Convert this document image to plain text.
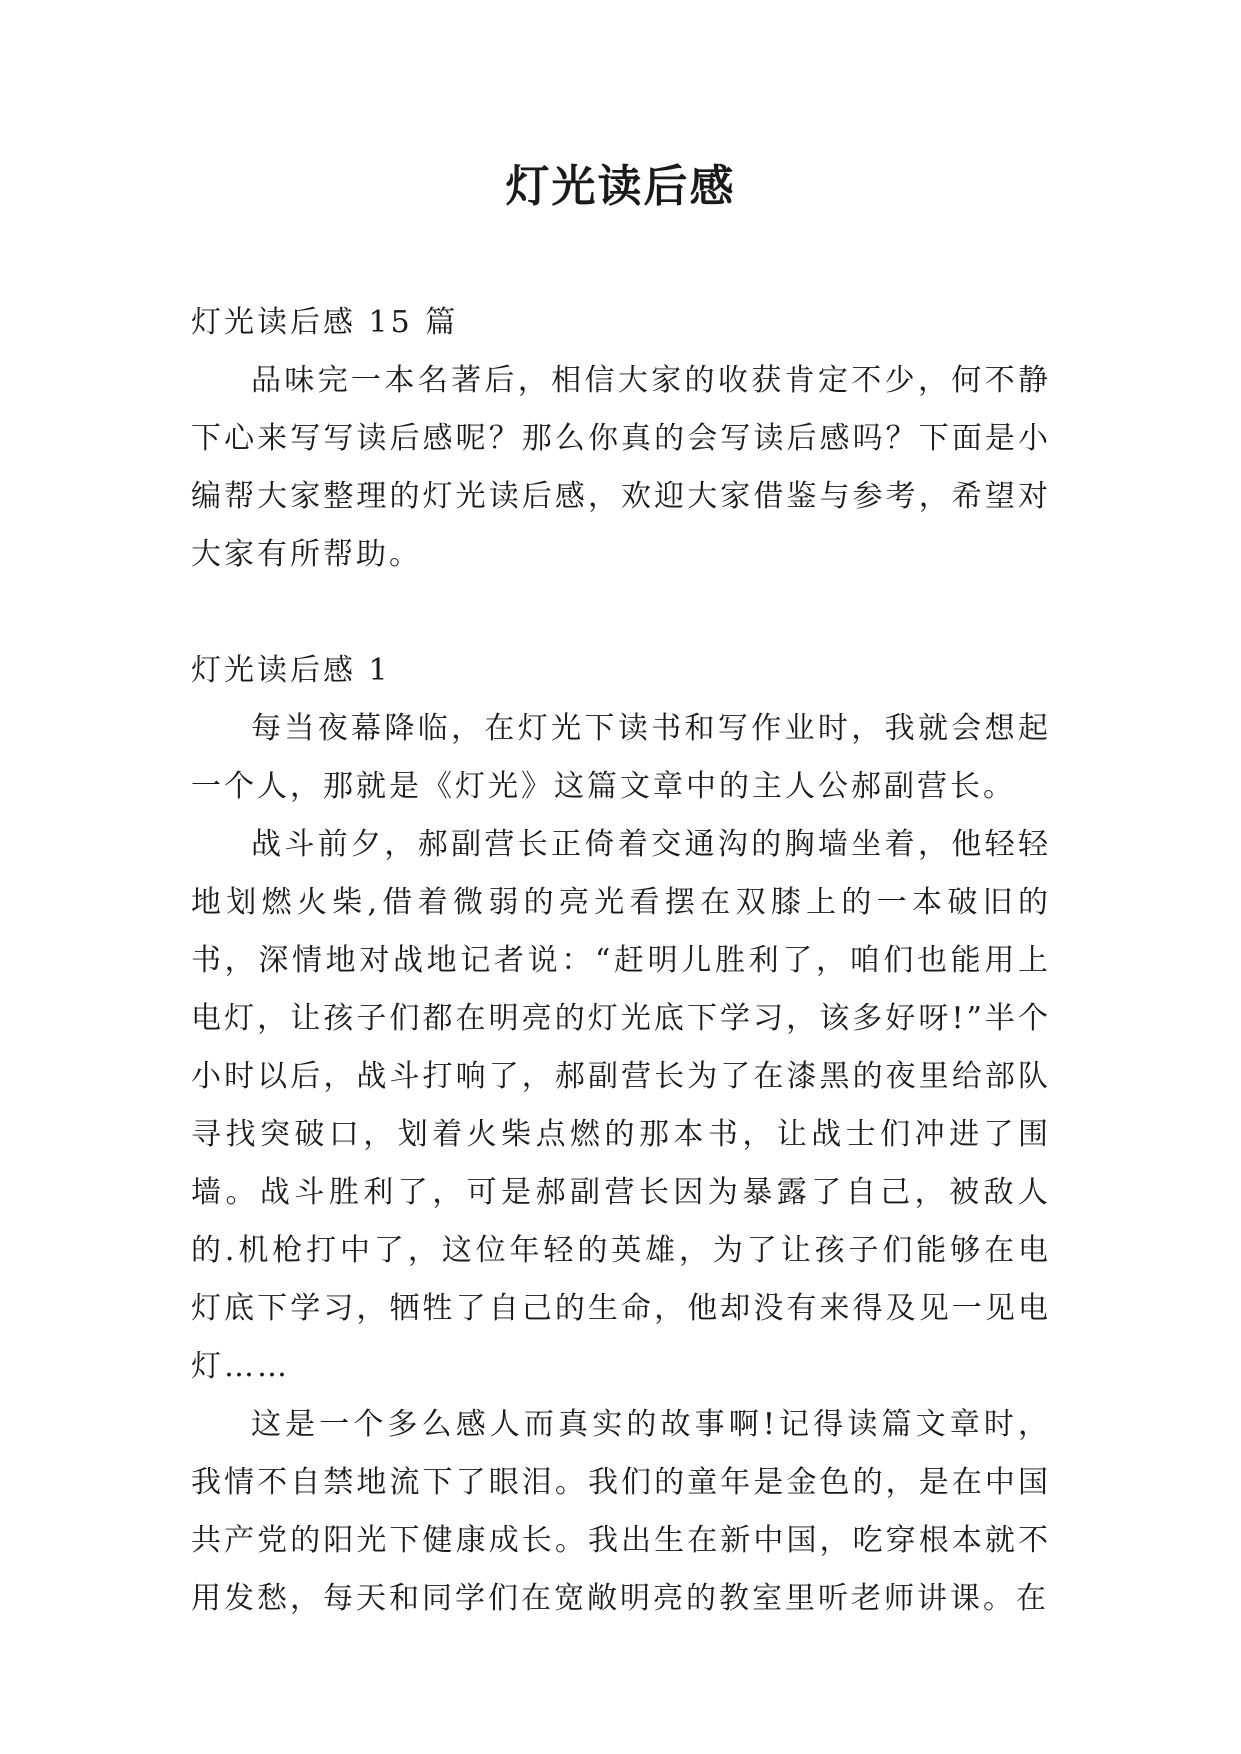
灯光读后感

灯光读后感 15 篇

品味完一本名著后，相信大家的收获肯定不少，何不静下心来写写读后感呢？那么你真的会写读后感吗？下面是小编帮大家整理的灯光读后感，欢迎大家借鉴与参考，希望对大家有所帮助。

灯光读后感 1

每当夜幕降临，在灯光下读书和写作业时，我就会想起一个人，那就是《灯光》这篇文章中的主人公郝副营长。

战斗前夕，郝副营长正倚着交通沟的胸墙坐着，他轻轻地划燃火柴,借着微弱的亮光看摆在双膝上的一本破旧的书，深情地对战地记者说：“赶明儿胜利了，咱们也能用上电灯，让孩子们都在明亮的灯光底下学习，该多好呀!”半个小时以后，战斗打响了，郝副营长为了在漆黑的夜里给部队寻找突破口，划着火柴点燃的那本书，让战士们冲进了围墙。战斗胜利了，可是郝副营长因为暴露了自己，被敌人的.机枪打中了，这位年轻的英雄，为了让孩子们能够在电灯底下学习，牺牲了自己的生命，他却没有来得及见一见电灯……

这是一个多么感人而真实的故事啊!记得读篇文章时，我情不自禁地流下了眼泪。我们的童年是金色的，是在中国共产党的阳光下健康成长。我出生在新中国，吃穿根本就不用发愁，每天和同学们在宽敞明亮的教室里听老师讲课。在
